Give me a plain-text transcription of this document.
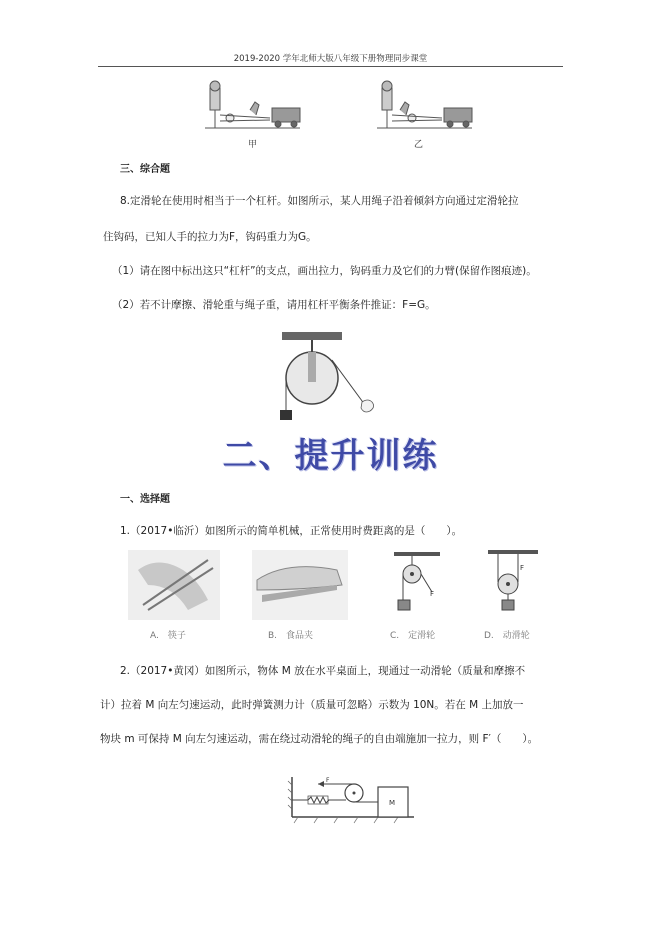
2019-2020 学年北师大版八年级下册物理同步课堂
甲	乙
三、综合题
8.定滑轮在使用时相当于一个杠杆。如图所示，某人用绳子沿着倾斜方向通过定滑轮拉
住钩码，已知人手的拉力为F，钩码重力为G。
（1）请在图中标出这只“杠杆”的支点，画出拉力，钩码重力及它们的力臂(保留作图痕迹)。
（2）若不计摩擦、滑轮重与绳子重，请用杠杆平衡条件推证：F=G。
二、提升训练
一、选择题
1.（2017•临沂）如图所示的简单机械，正常使用时费距离的是（　　）。
F
F
A.　筷子	B.　食品夹	C.　定滑轮	D.　动滑轮
2.（2017•黄冈）如图所示，物体 M 放在水平桌面上，现通过一动滑轮（质量和摩擦不
计）拉着 M 向左匀速运动，此时弹簧测力计（质量可忽略）示数为 10N。若在 M 上加放一
物块 m 可保持 M 向左匀速运动，需在绕过动滑轮的绳子的自由端施加一拉力，则 F′（　　）。
F
M
